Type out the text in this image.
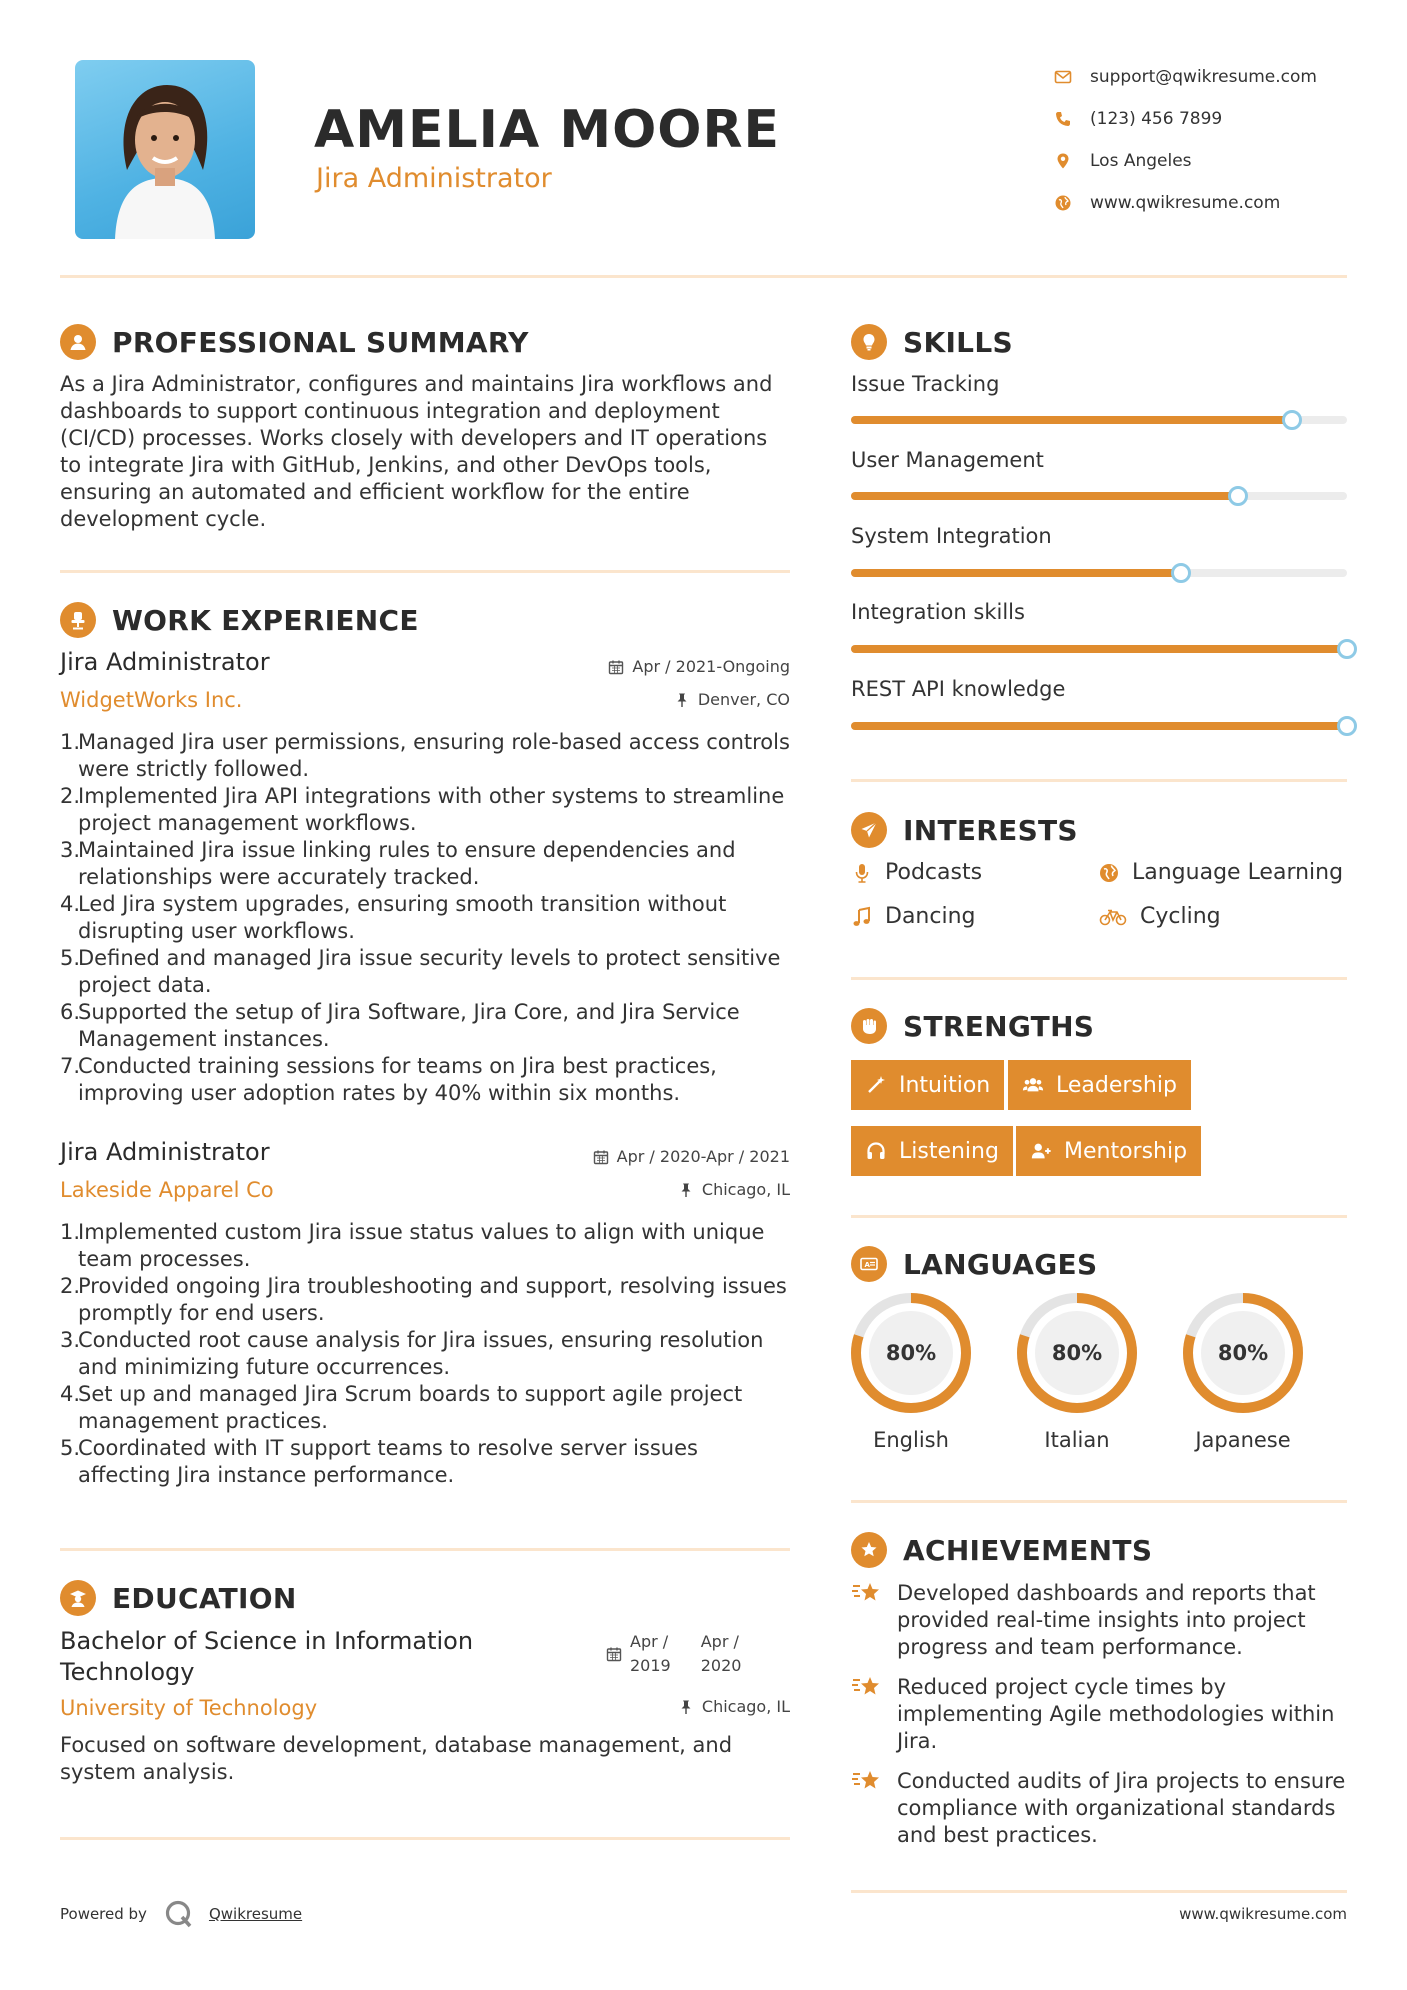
AMELIA MOORE
Jira Administrator
support@qwikresume.com
(123) 456 7899
Los Angeles
www.qwikresume.com
PROFESSIONAL SUMMARY
As a Jira Administrator, configures and maintains Jira workflows and dashboards to support continuous integration and deployment (CI/CD) processes. Works closely with developers and IT operations to integrate Jira with GitHub, Jenkins, and other DevOps tools, ensuring an automated and efficient workflow for the entire development cycle.
WORK EXPERIENCE
Jira Administrator
WidgetWorks Inc.
Apr / 2021-Ongoing
Denver, CO
1.
Managed Jira user permissions, ensuring role-based access controls were strictly followed.
2.
Implemented Jira API integrations with other systems to streamline project management workflows.
3.
Maintained Jira issue linking rules to ensure dependencies and relationships were accurately tracked.
4.
Led Jira system upgrades, ensuring smooth transition without disrupting user workflows.
5.
Defined and managed Jira issue security levels to protect sensitive project data.
6.
Supported the setup of Jira Software, Jira Core, and Jira Service Management instances.
7.
Conducted training sessions for teams on Jira best practices, improving user adoption rates by 40% within six months.
Jira Administrator
Lakeside Apparel Co
Apr / 2020-Apr / 2021
Chicago, IL
1.
Implemented custom Jira issue status values to align with unique team processes.
2.
Provided ongoing Jira troubleshooting and support, resolving issues promptly for end users.
3.
Conducted root cause analysis for Jira issues, ensuring resolution and minimizing future occurrences.
4.
Set up and managed Jira Scrum boards to support agile project management practices.
5.
Coordinated with IT support teams to resolve server issues affecting Jira instance performance.
EDUCATION
Bachelor of Science in Information Technology
University of Technology
Apr /
2019
Apr /
2020
Chicago, IL
Focused on software development, database management, and system analysis.
SKILLS
Issue Tracking
User Management
System Integration
Integration skills
REST API knowledge
INTERESTS
Podcasts	Language Learning
Dancing	Cycling
STRENGTHS
Intuition	Leadership
Listening	Mentorship
A LANGUAGES
80%
English
80%
Italian
80%
Japanese
ACHIEVEMENTS
Developed dashboards and reports that provided real-time insights into project progress and team performance.
Reduced project cycle times by implementing Agile methodologies within Jira.
Conducted audits of Jira projects to ensure compliance with organizational standards and best practices.
Powered by	Qwikresume	www.qwikresume.com
